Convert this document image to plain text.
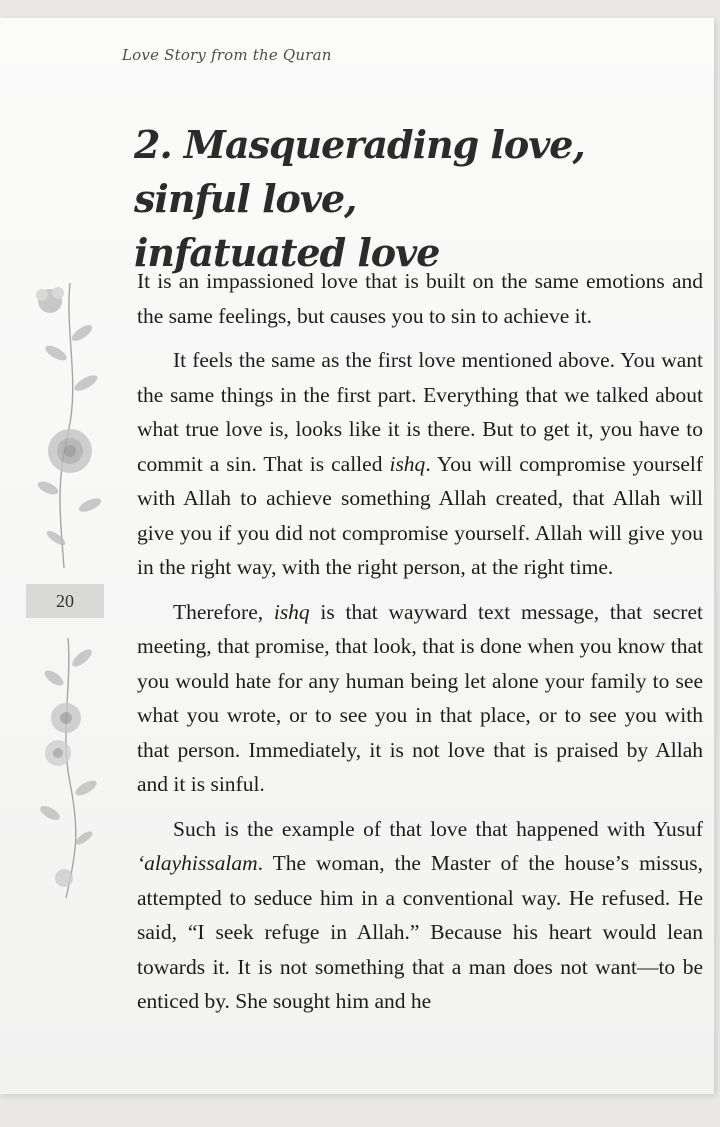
Love Story from the Quran
2. Masquerading love, sinful love,
infatuated love
20

It is an impassioned love that is built on the same emotions and the same feelings, but causes you to sin to achieve it.

It feels the same as the first love mentioned above. You want the same things in the first part. Everything that we talked about what true love is, looks like it is there. But to get it, you have to commit a sin. That is called ishq. You will compromise yourself with Allah to achieve something Allah created, that Allah will give you if you did not compromise yourself. Allah will give you in the right way, with the right person, at the right time.

Therefore, ishq is that wayward text message, that secret meeting, that promise, that look, that is done when you know that you would hate for any human being let alone your family to see what you wrote, or to see you in that place, or to see you with that person. Immediately, it is not love that is praised by Allah and it is sinful.

Such is the example of that love that happened with Yusuf ‘alayhissalam. The woman, the Master of the house’s missus, attempted to seduce him in a conventional way. He refused. He said, “I seek refuge in Allah.” Because his heart would lean towards it. It is not something that a man does not want—to be enticed by. She sought him and he
